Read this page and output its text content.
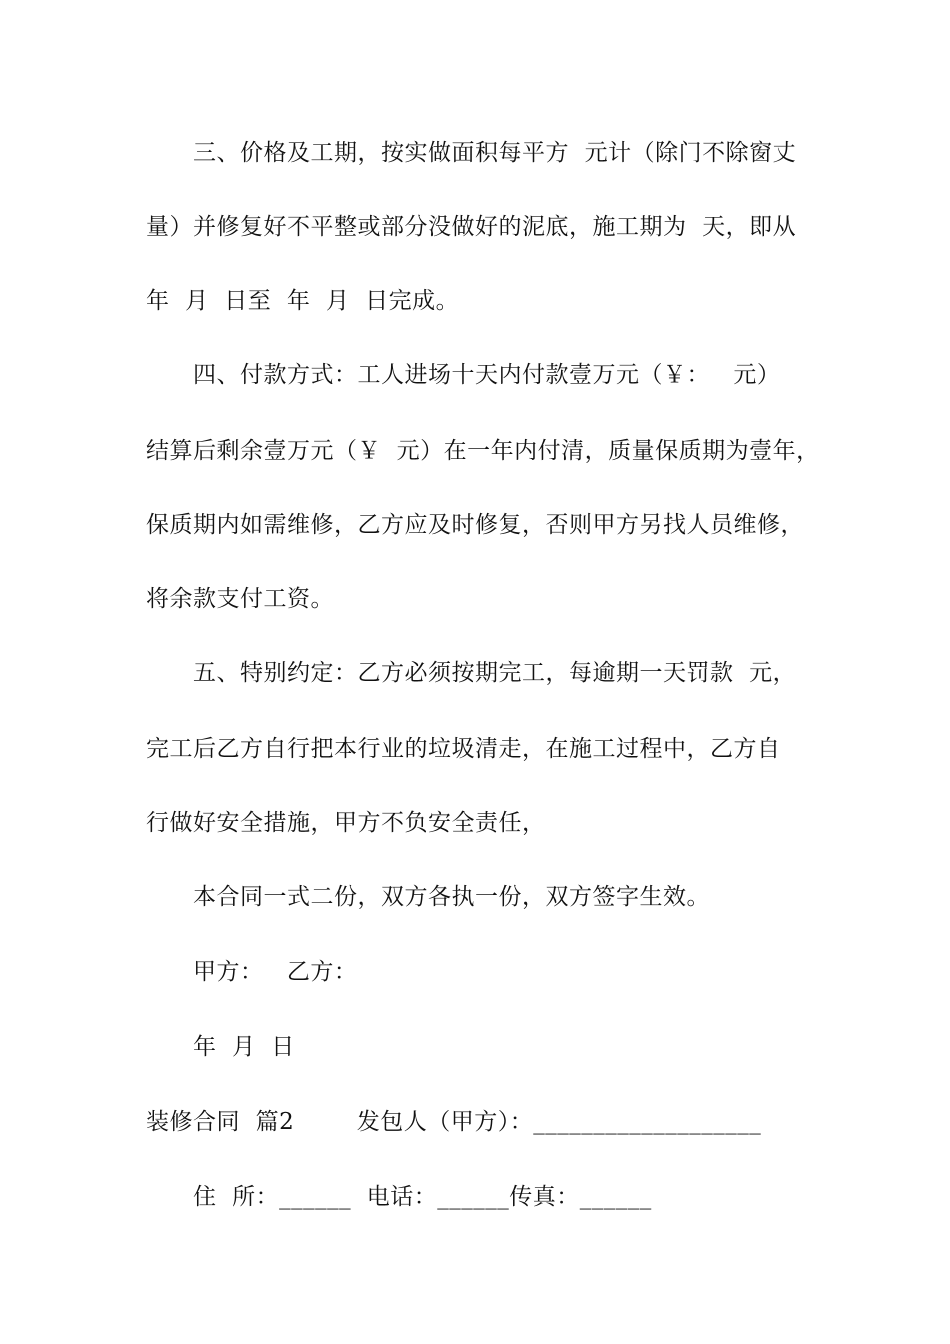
三、价格及工期，按实做面积每平方  元计（除门不除窗丈
量）并修复好不平整或部分没做好的泥底，施工期为  天，即从
年  月  日至  年  月  日完成。
四、付款方式：工人进场十天内付款壹万元（￥：   元）
结算后剩余壹万元（￥  元）在一年内付清，质量保质期为壹年，
保质期内如需维修，乙方应及时修复，否则甲方另找人员维修，
将余款支付工资。
五、特别约定：乙方必须按期完工，每逾期一天罚款  元，
完工后乙方自行把本行业的垃圾清走，在施工过程中，乙方自
行做好安全措施，甲方不负安全责任，
本合同一式二份，双方各执一份，双方签字生效。
甲方：   乙方：
年  月  日
装修合同  篇2        发包人（甲方）：___________________
住  所：______  电话：______传真：______
